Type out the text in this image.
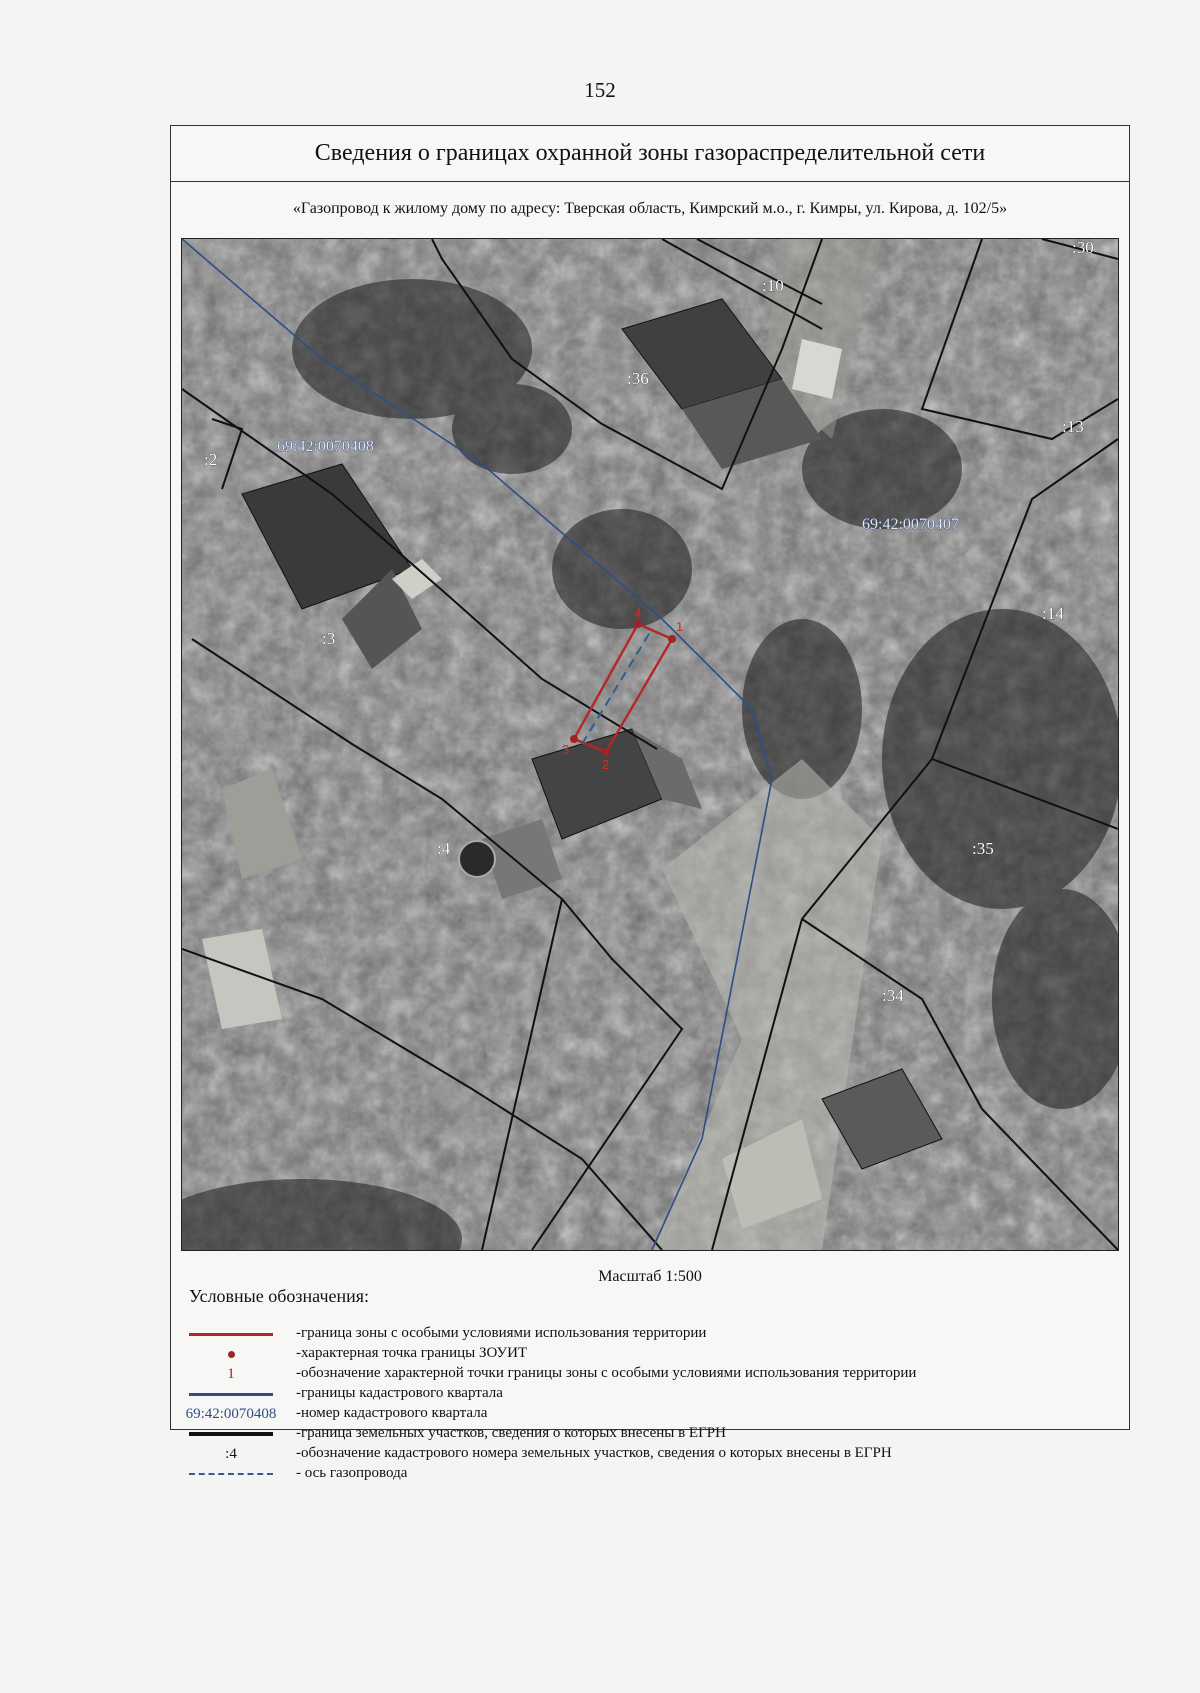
152
Сведения о границах охранной зоны газораспределительной сети
«Газопровод к жилому дому по адресу: Тверская область, Кимрский м.о., г. Кимры, ул. Кирова, д. 102/5»
1
2
3
4
69:42:0070408
69:42:0070407
:10
:36
:13
:2
:14
:3
:4	:35
:34
:30
Масштаб 1:500
Условные обозначения:
-граница зоны с особыми условиями использования территории
-характерная точка границы ЗОУИТ
1	-обозначение характерной точки границы зоны с особыми условиями использования территории
-границы кадастрового квартала
69:42:0070408 -номер кадастрового квартала
-граница земельных участков, сведения о которых внесены в ЕГРН
:4	-обозначение кадастрового номера земельных участков, сведения о которых внесены в ЕГРН
- ось газопровода
